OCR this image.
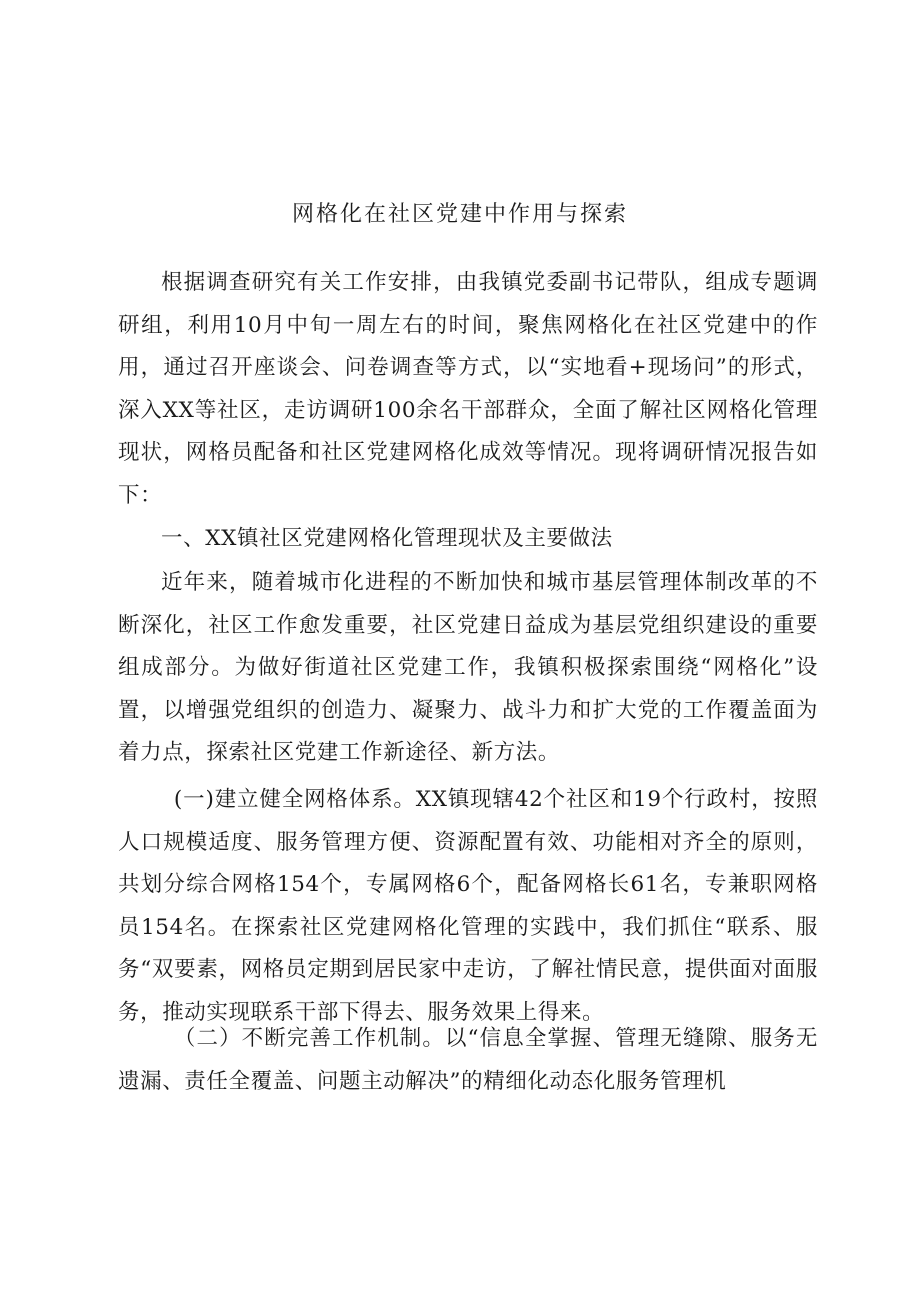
网格化在社区党建中作用与探索

根据调查研究有关工作安排，由我镇党委副书记带队，组成专题调研组，利用10月中旬一周左右的时间，聚焦网格化在社区党建中的作用，通过召开座谈会、问卷调查等方式，以“实地看+现场问”的形式，深入XX等社区，走访调研100余名干部群众，全面了解社区网格化管理现状，网格员配备和社区党建网格化成效等情况。现将调研情况报告如下：

一、XX镇社区党建网格化管理现状及主要做法

近年来，随着城市化进程的不断加快和城市基层管理体制改革的不断深化，社区工作愈发重要，社区党建日益成为基层党组织建设的重要组成部分。为做好街道社区党建工作，我镇积极探索围绕“网格化”设置，以增强党组织的创造力、凝聚力、战斗力和扩大党的工作覆盖面为着力点，探索社区党建工作新途径、新方法。

(一)建立健全网格体系。XX镇现辖42个社区和19个行政村，按照人口规模适度、服务管理方便、资源配置有效、功能相对齐全的原则，共划分综合网格154个，专属网格6个，配备网格长61名，专兼职网格员154名。在探索社区党建网格化管理的实践中，我们抓住“联系、服务“双要素，网格员定期到居民家中走访，了解社情民意，提供面对面服务，推动实现联系干部下得去、服务效果上得来。

（二）不断完善工作机制。以“信息全掌握、管理无缝隙、服务无遗漏、责任全覆盖、问题主动解决”的精细化动态化服务管理机
